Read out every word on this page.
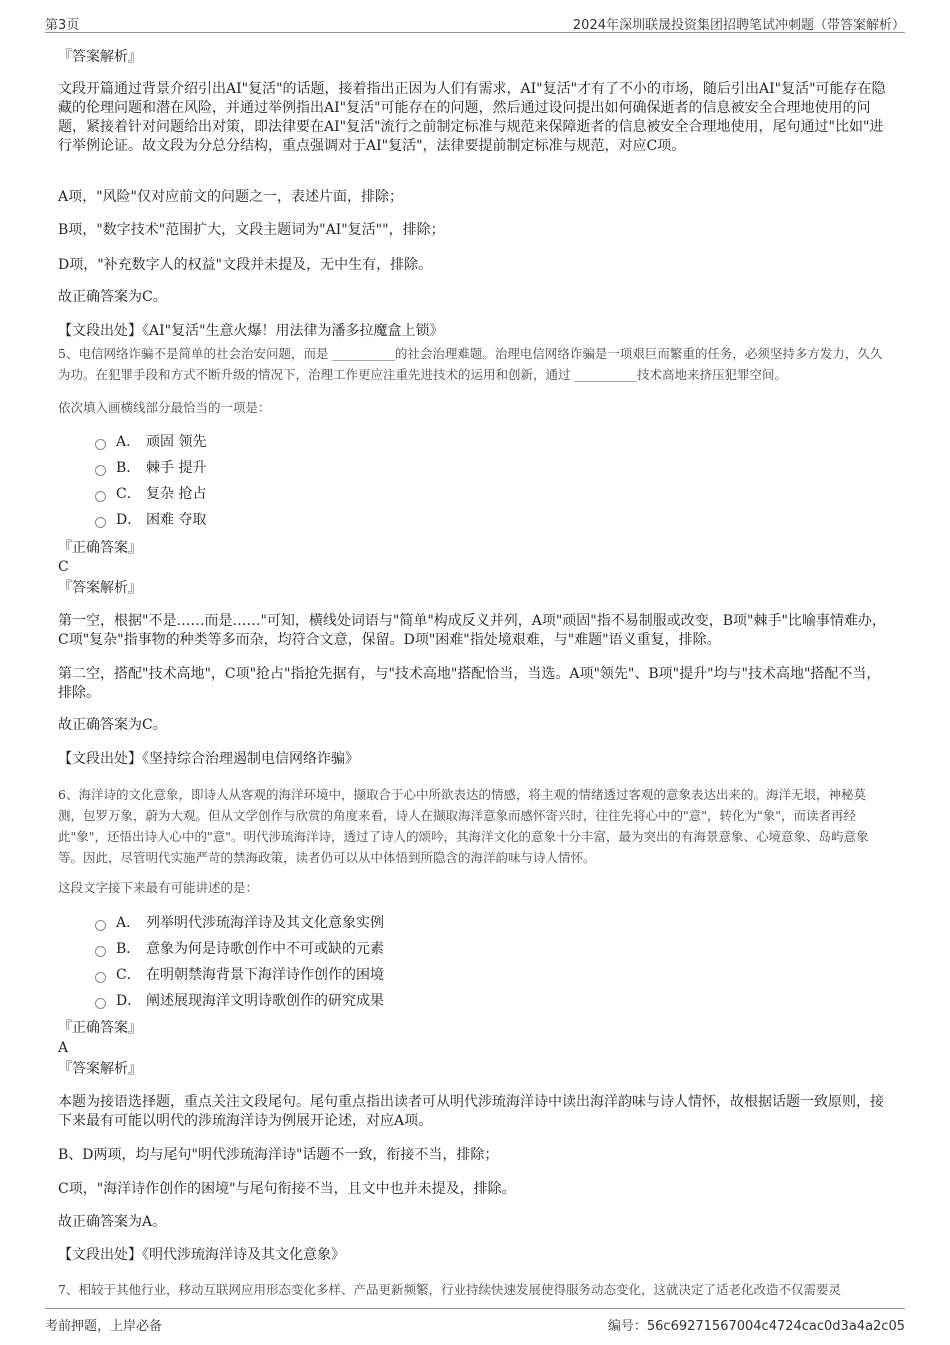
第3页	2024年深圳联晟投资集团招聘笔试冲刺题（带答案解析）
『答案解析』

文段开篇通过背景介绍引出AI"复活"的话题，接着指出正因为人们有需求，AI"复活"才有了不小的市场，随后引出AI"复活"可能存在隐藏的伦理问题和潜在风险，并通过举例指出AI"复活"可能存在的问题，然后通过设问提出如何确保逝者的信息被安全合理地使用的问题，紧接着针对问题给出对策，即法律要在AI"复活"流行之前制定标准与规范来保障逝者的信息被安全合理地使用，尾句通过"比如"进行举例论证。故文段为分总分结构，重点强调对于AI"复活"，法律要提前制定标准与规范，对应C项。

A项，"风险"仅对应前文的问题之一，表述片面，排除；

B项，"数字技术"范围扩大，文段主题词为"AI"复活""，排除；

D项，"补充数字人的权益"文段并未提及，无中生有，排除。

故正确答案为C。

【文段出处】《AI"复活"生意火爆！用法律为潘多拉魔盒上锁》

5、电信网络诈骗不是简单的社会治安问题，而是 __________的社会治理难题。治理电信网络诈骗是一项艰巨而繁重的任务，必须坚持多方发力，久久为功。在犯罪手段和方式不断升级的情况下，治理工作更应注重先进技术的运用和创新，通过 __________技术高地来挤压犯罪空间。

依次填入画横线部分最恰当的一项是：

A． 顽固 领先
B． 棘手 提升
C． 复杂 抢占
D． 困难 夺取
『正确答案』
C
『答案解析』

第一空，根据"不是……而是……"可知，横线处词语与"简单"构成反义并列，A项"顽固"指不易制服或改变，B项"棘手"比喻事情难办，C项"复杂"指事物的种类等多而杂，均符合文意，保留。D项"困难"指处境艰难，与"难题"语义重复，排除。

第二空，搭配"技术高地"，C项"抢占"指抢先据有，与"技术高地"搭配恰当，当选。A项"领先"、B项"提升"均与"技术高地"搭配不当，排除。

故正确答案为C。

【文段出处】《坚持综合治理遏制电信网络诈骗》

6、海洋诗的文化意象，即诗人从客观的海洋环境中，撷取合于心中所欲表达的情感，将主观的情绪透过客观的意象表达出来的。海洋无垠，神秘莫测，包罗万象，蔚为大观。但从文学创作与欣赏的角度来看，诗人在撷取海洋意象而感怀寄兴时，往往先将心中的"意"，转化为"象"，而读者再经此"象"，还悟出诗人心中的"意"。明代涉琉海洋诗，透过了诗人的颂吟，其海洋文化的意象十分丰富，最为突出的有海景意象、心境意象、岛屿意象等。因此，尽管明代实施严苛的禁海政策，读者仍可以从中体悟到所隐含的海洋韵味与诗人情怀。

这段文字接下来最有可能讲述的是：

A． 列举明代涉琉海洋诗及其文化意象实例
B． 意象为何是诗歌创作中不可或缺的元素
C． 在明朝禁海背景下海洋诗作创作的困境
D． 阐述展现海洋文明诗歌创作的研究成果
『正确答案』
A
『答案解析』

本题为接语选择题，重点关注文段尾句。尾句重点指出读者可从明代涉琉海洋诗中读出海洋韵味与诗人情怀，故根据话题一致原则，接下来最有可能以明代的涉琉海洋诗为例展开论述，对应A项。

B、D两项，均与尾句"明代涉琉海洋诗"话题不一致，衔接不当，排除；

C项，"海洋诗作创作的困境"与尾句衔接不当，且文中也并未提及，排除。

故正确答案为A。

【文段出处】《明代涉琉海洋诗及其文化意象》

7、相较于其他行业，移动互联网应用形态变化多样、产品更新频繁，行业持续快速发展使得服务动态变化，这就决定了适老化改造不仅需要灵

考前押题，上岸必备	编号：56c69271567004c4724cac0d3a4a2c05
